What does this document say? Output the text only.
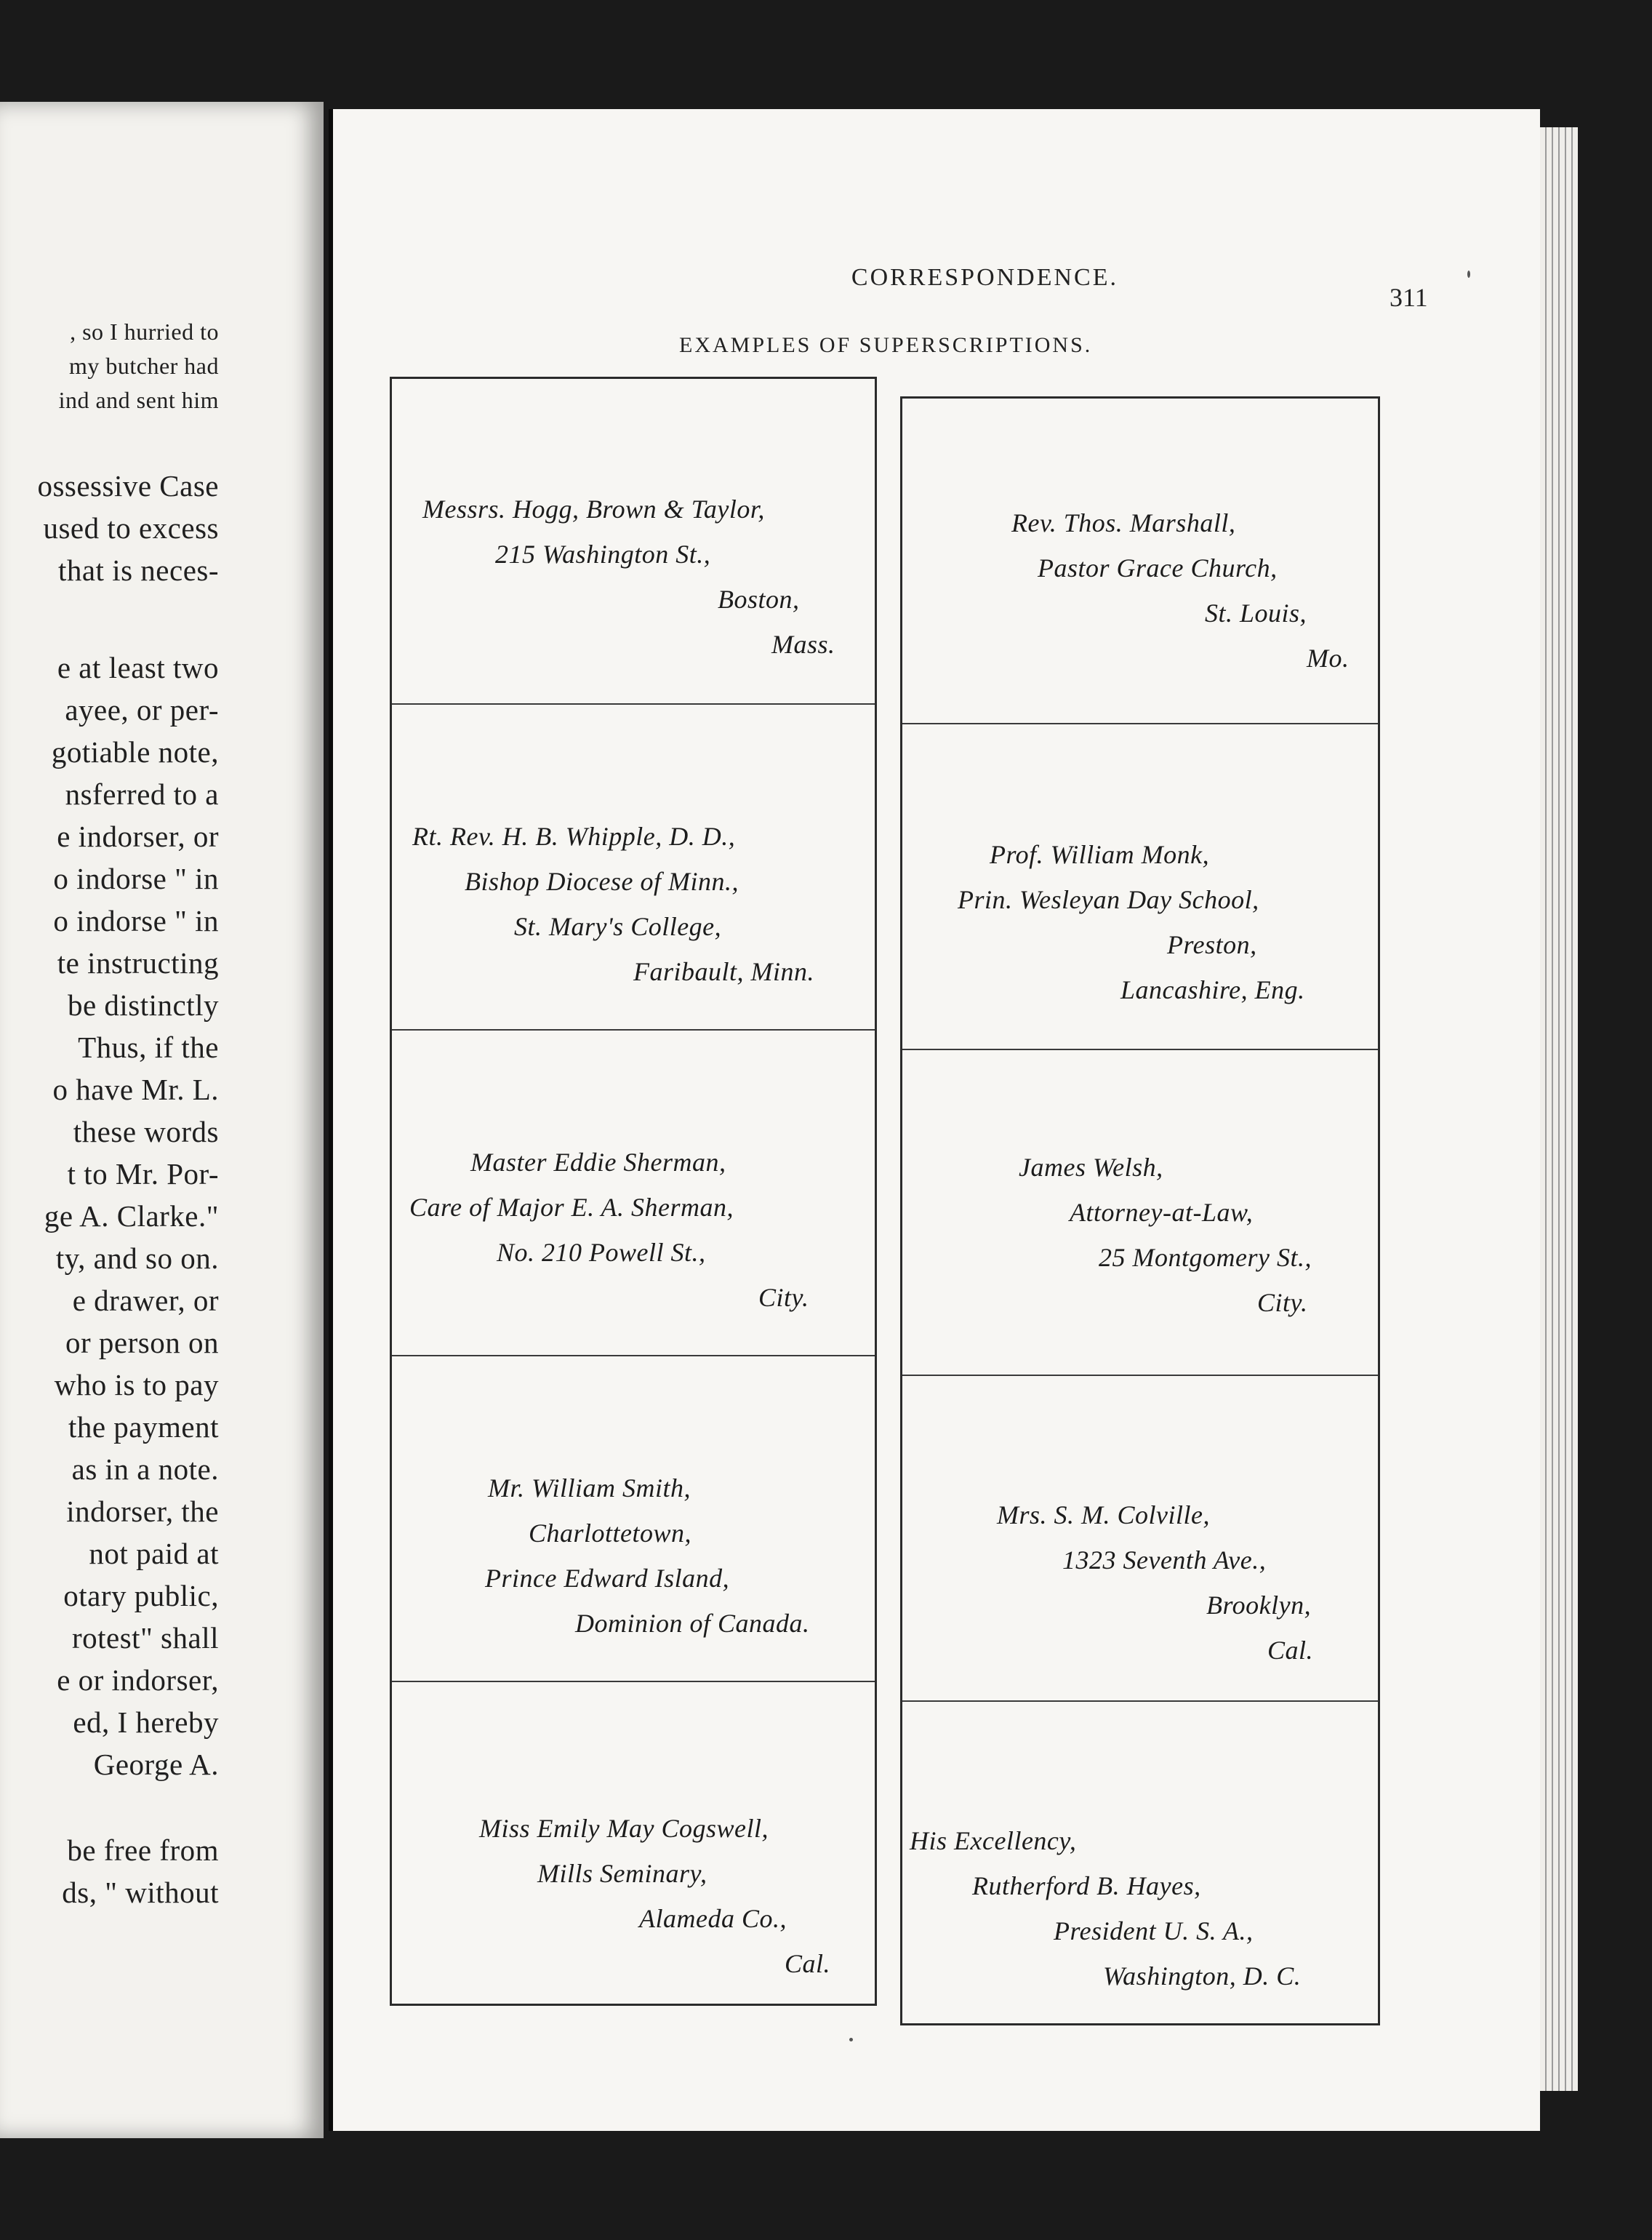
, so I hurried to
my butcher had
ind and sent him
ossessive Case
used to excess
that is neces-
e at least two
ayee, or per-
gotiable note,
nsferred to a
e indorser, or
o indorse " in
o indorse " in
te instructing
be distinctly
Thus, if the
o have Mr. L.
these words
t to Mr. Por-
ge A. Clarke."
ty, and so on.
e drawer, or
or person on
who is to pay
the payment
as in a note.
indorser, the
not paid at
otary public,
rotest" shall
e or indorser,
ed, I hereby
George A.
be free from
ds, " without
CORRESPONDENCE.
311
EXAMPLES OF SUPERSCRIPTIONS.
Messrs. Hogg, Brown & Taylor,
215 Washington St.,
Boston,
Mass.
Rt. Rev. H. B. Whipple, D. D.,
Bishop Diocese of Minn.,
St. Mary's College,
Faribault, Minn.
Master Eddie Sherman,
Care of Major E. A. Sherman,
No. 210 Powell St.,
City.
Mr. William Smith,
Charlottetown,
Prince Edward Island,
Dominion of Canada.
Miss Emily May Cogswell,
Mills Seminary,
Alameda Co.,
Cal.
Rev. Thos. Marshall,
Pastor Grace Church,
St. Louis,
Mo.
Prof. William Monk,
Prin. Wesleyan Day School,
Preston,
Lancashire, Eng.
James Welsh,
Attorney-at-Law,
25 Montgomery St.,
City.
Mrs. S. M. Colville,
1323 Seventh Ave.,
Brooklyn,
Cal.
His Excellency,
Rutherford B. Hayes,
President U. S. A.,
Washington, D. C.
